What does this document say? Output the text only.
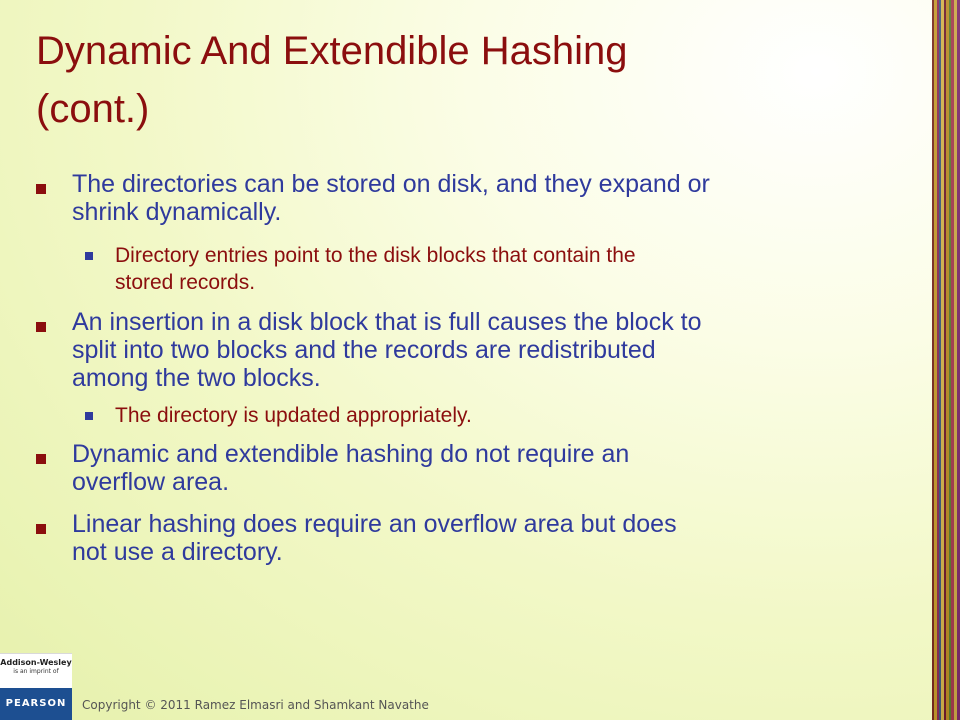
Dynamic And Extendible Hashing
(cont.)
The directories can be stored on disk, and they expand or
shrink dynamically.
Directory entries point to the disk blocks that contain the
stored records.
An insertion in a disk block that is full causes the block to
split into two blocks and the records are redistributed
among the two blocks.
The directory is updated appropriately.
Dynamic and extendible hashing do not require an
overflow area.
Linear hashing does require an overflow area but does
not use a directory.
Addison-Wesley
is an imprint of
PEARSON	Copyright © 2011 Ramez Elmasri and Shamkant Navathe
